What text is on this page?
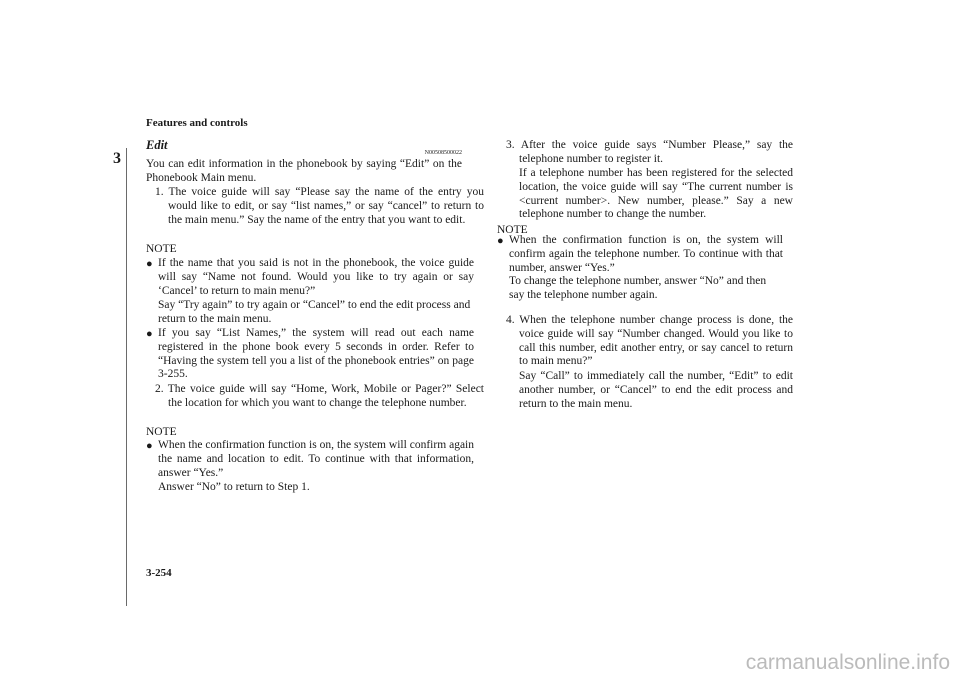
Features and controls
3
Edit
N00508500022

You can edit information in the phonebook by saying “Edit” on the Phonebook Main menu.

1. The voice guide will say “Please say the name of the entry you would like to edit, or say “list names,” or say “cancel” to return to the main menu.” Say the name of the entry that you want to edit.

NOTE

● If the name that you said is not in the phonebook, the voice guide will say “Name not found. Would you like to try again or say ‘Cancel’ to return to main menu?”

Say “Try again” to try again or “Cancel” to end the edit process and return to the main menu.

● If you say “List Names,” the system will read out each name registered in the phone book every 5 seconds in order. Refer to “Having the system tell you a list of the phonebook entries” on page 3-255.

2. The voice guide will say “Home, Work, Mobile or Pager?” Select the location for which you want to change the telephone number.

NOTE

● When the confirmation function is on, the system will confirm again the name and location to edit. To continue with that information, answer “Yes.”

Answer “No” to return to Step 1.

3. After the voice guide says “Number Please,” say the telephone number to register it.

If a telephone number has been registered for the selected location, the voice guide will say “The current number is <current number>. New number, please.” Say a new telephone number to change the number.

NOTE

● When the confirmation function is on, the system will confirm again the telephone number. To continue with that number, answer “Yes.”

To change the telephone number, answer “No” and then say the telephone number again.

4. When the telephone number change process is done, the voice guide will say “Number changed. Would you like to call this number, edit another entry, or say cancel to return to main menu?”

Say “Call” to immediately call the number, “Edit” to edit another number, or “Cancel” to end the edit process and return to the main menu.

3-254
carmanualsonline.info
